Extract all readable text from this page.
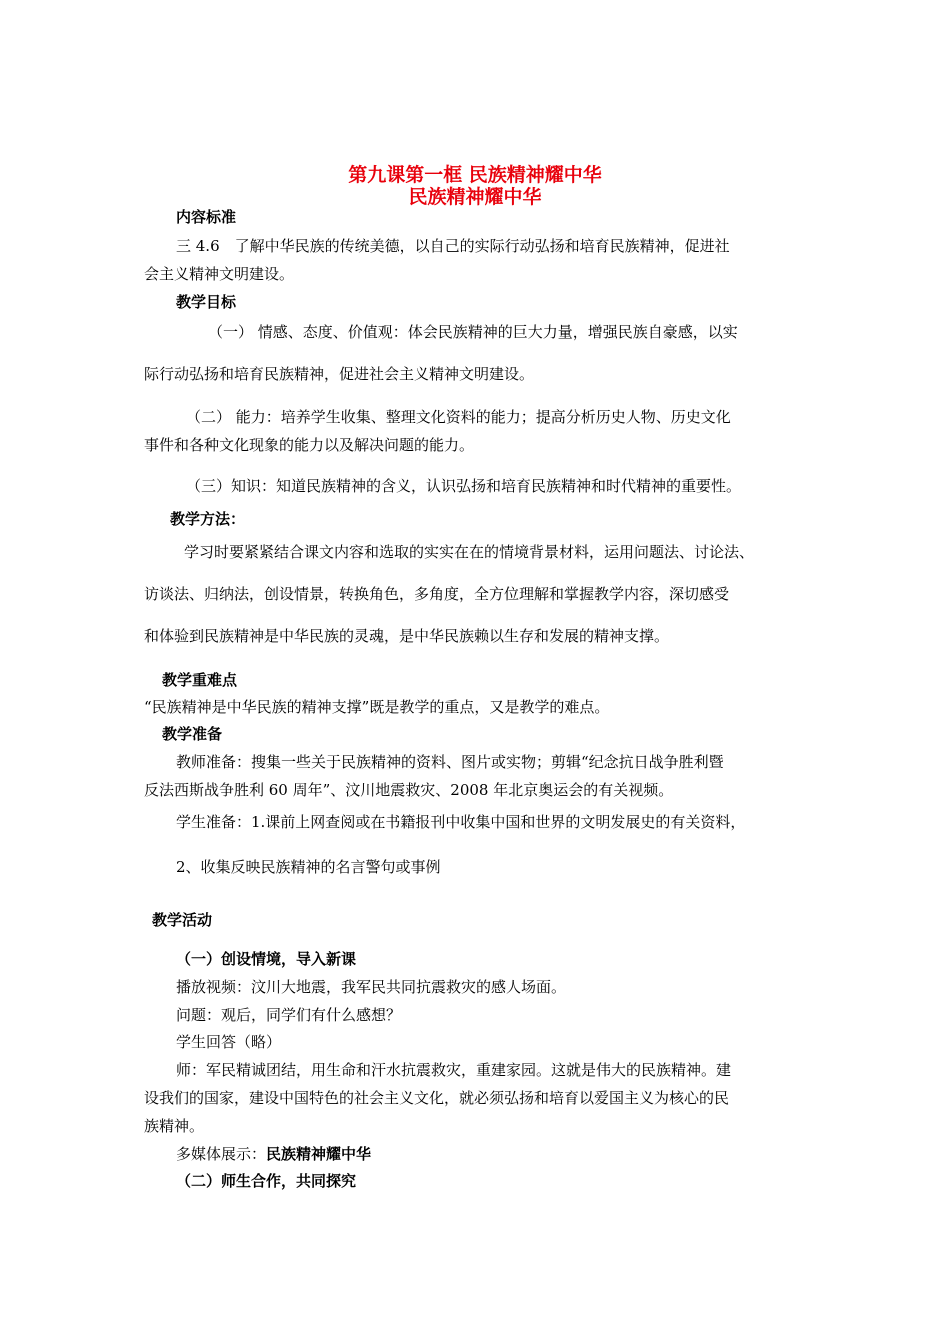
第九课第一框 民族精神耀中华
民族精神耀中华
内容标准
三 4.6　了解中华民族的传统美德，以自己的实际行动弘扬和培育民族精神，促进社
会主义精神文明建设。
教学目标
（一） 情感、态度、价值观：体会民族精神的巨大力量，增强民族自豪感，以实
际行动弘扬和培育民族精神，促进社会主义精神文明建设。
（二） 能力：培养学生收集、整理文化资料的能力；提高分析历史人物、历史文化
事件和各种文化现象的能力以及解决问题的能力。
（三）知识：知道民族精神的含义，认识弘扬和培育民族精神和时代精神的重要性。
教学方法：
学习时要紧紧结合课文内容和选取的实实在在的情境背景材料，运用问题法、讨论法、
访谈法、归纳法，创设情景，转换角色，多角度，全方位理解和掌握教学内容，深切感受
和体验到民族精神是中华民族的灵魂，是中华民族赖以生存和发展的精神支撑。
教学重难点
“民族精神是中华民族的精神支撑”既是教学的重点，又是教学的难点。
教学准备
教师准备：搜集一些关于民族精神的资料、图片或实物；剪辑“纪念抗日战争胜利暨
反法西斯战争胜利 60 周年”、汶川地震救灾、2008 年北京奥运会的有关视频。
学生准备：1.课前上网查阅或在书籍报刊中收集中国和世界的文明发展史的有关资料，
2、收集反映民族精神的名言警句或事例
教学活动
（一）创设情境，导入新课
播放视频：汶川大地震，我军民共同抗震救灾的感人场面。
问题：观后，同学们有什么感想？
学生回答（略）
师：军民精诚团结，用生命和汗水抗震救灾，重建家园。这就是伟大的民族精神。建
设我们的国家，建设中国特色的社会主义文化，就必须弘扬和培育以爱国主义为核心的民
族精神。
多媒体展示：民族精神耀中华
（二）师生合作，共同探究
